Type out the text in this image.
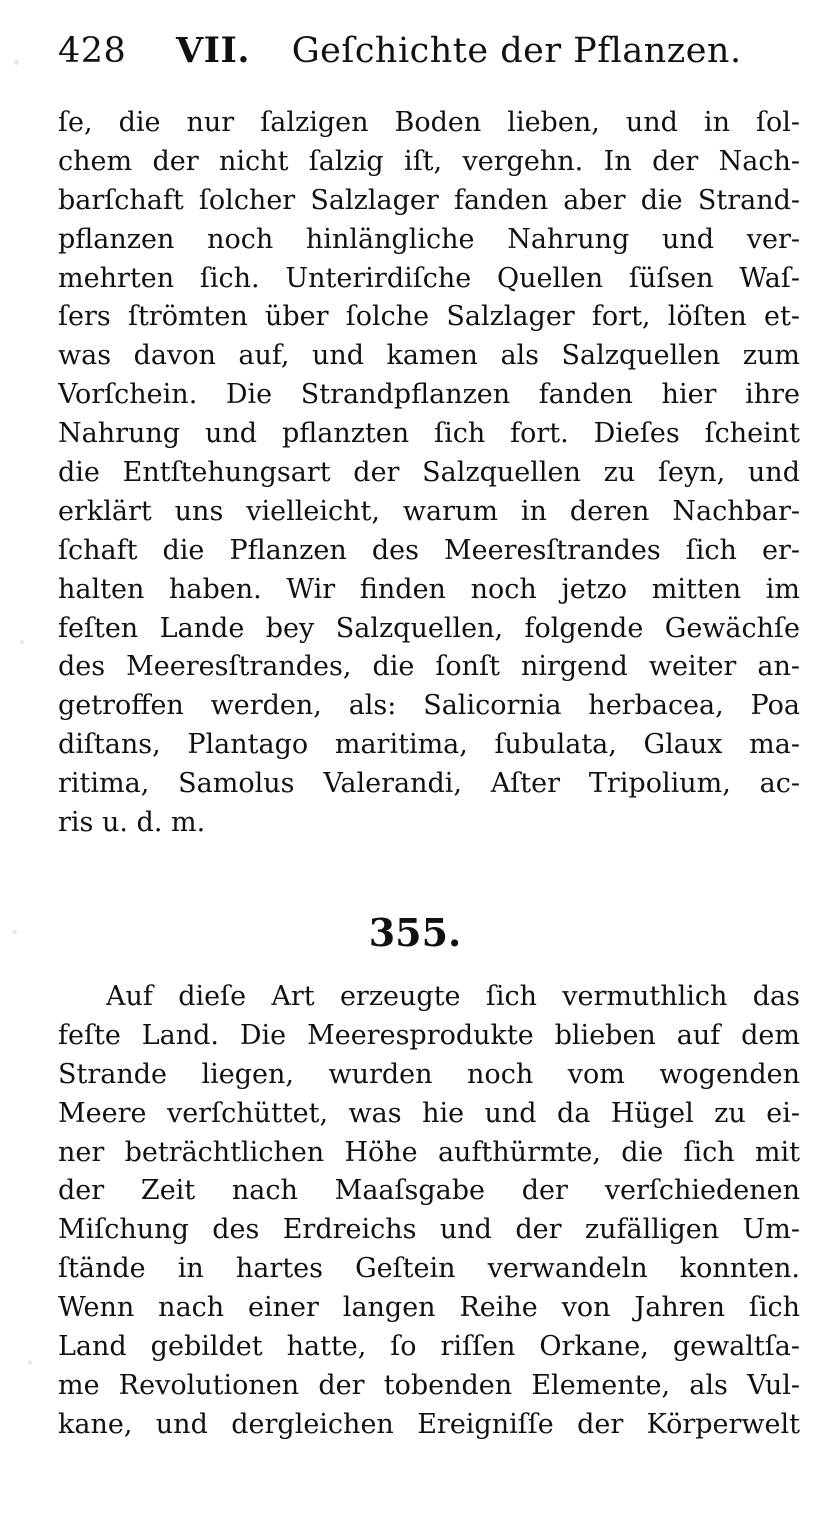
428 VII. Geſchichte der Pflanzen.
ſe, die nur ſalzigen Boden lieben, und in ſol-
chem der nicht ſalzig iſt, vergehn. In der Nach-
barſchaft ſolcher Salzlager fanden aber die Strand-
pflanzen noch hinlängliche Nahrung und ver-
mehrten ſich. Unterirdiſche Quellen ſüſsen Waſ-
ſers ſtrömten über ſolche Salzlager fort, löſten et-
was davon auf, und kamen als Salzquellen zum
Vorſchein. Die Strandpflanzen fanden hier ihre
Nahrung und pflanzten ſich fort. Dieſes ſcheint
die Entſtehungsart der Salzquellen zu ſeyn, und
erklärt uns vielleicht, warum in deren Nachbar-
ſchaft die Pflanzen des Meeresſtrandes ſich er-
halten haben. Wir finden noch jetzo mitten im
feſten Lande bey Salzquellen, folgende Gewächſe
des Meeresſtrandes, die ſonſt nirgend weiter an-
getroffen werden, als: Salicornia herbacea, Poa
diſtans, Plantago maritima, ſubulata, Glaux ma-
ritima, Samolus Valerandi, Aſter Tripolium, ac-
ris u. d. m.
355.
Auf dieſe Art erzeugte ſich vermuthlich das
feſte Land. Die Meeresprodukte blieben auf dem
Strande liegen, wurden noch vom wogenden
Meere verſchüttet, was hie und da Hügel zu ei-
ner beträchtlichen Höhe aufthürmte, die ſich mit
der Zeit nach Maaſsgabe der verſchiedenen
Miſchung des Erdreichs und der zufälligen Um-
ſtände in hartes Geſtein verwandeln konnten.
Wenn nach einer langen Reihe von Jahren ſich
Land gebildet hatte, ſo riſſen Orkane, gewaltſa-
me Revolutionen der tobenden Elemente, als Vul-
kane, und dergleichen Ereigniſſe der Körperwelt
